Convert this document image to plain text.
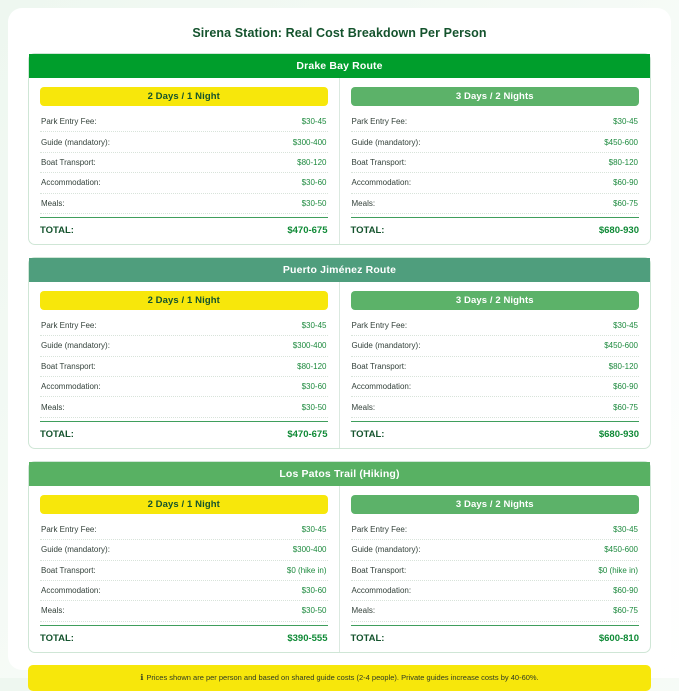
Sirena Station: Real Cost Breakdown Per Person
Drake Bay Route
2 Days / 1 Night
Park Entry Fee:	$30-45
Guide (mandatory):	$300-400
Boat Transport:	$80-120
Accommodation:	$30-60
Meals:	$30-50
TOTAL:	$470-675
3 Days / 2 Nights
Park Entry Fee:	$30-45
Guide (mandatory):	$450-600
Boat Transport:	$80-120
Accommodation:	$60-90
Meals:	$60-75
TOTAL:	$680-930
Puerto Jiménez Route
2 Days / 1 Night
Park Entry Fee:	$30-45
Guide (mandatory):	$300-400
Boat Transport:	$80-120
Accommodation:	$30-60
Meals:	$30-50
TOTAL:	$470-675
3 Days / 2 Nights
Park Entry Fee:	$30-45
Guide (mandatory):	$450-600
Boat Transport:	$80-120
Accommodation:	$60-90
Meals:	$60-75
TOTAL:	$680-930
Los Patos Trail (Hiking)
2 Days / 1 Night
Park Entry Fee:	$30-45
Guide (mandatory):	$300-400
Boat Transport:	$0 (hike in)
Accommodation:	$30-60
Meals:	$30-50
TOTAL:	$390-555
3 Days / 2 Nights
Park Entry Fee:	$30-45
Guide (mandatory):	$450-600
Boat Transport:	$0 (hike in)
Accommodation:	$60-90
Meals:	$60-75
TOTAL:	$600-810
ℹ Prices shown are per person and based on shared guide costs (2-4 people). Private guides increase costs by 40-60%.
